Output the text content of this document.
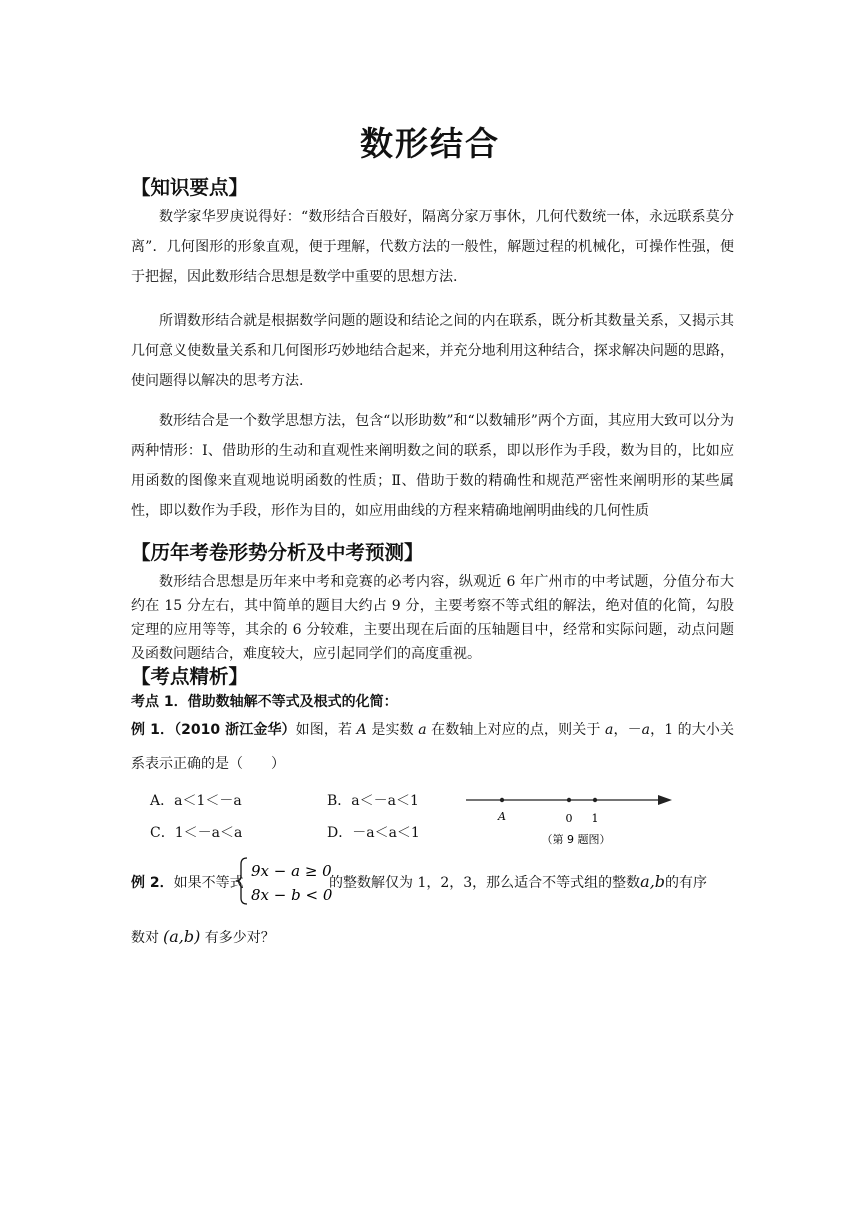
数形结合
【知识要点】
数学家华罗庚说得好：“数形结合百般好，隔离分家万事休，几何代数统一体，永远联系莫分离”．几何图形的形象直观，便于理解，代数方法的一般性，解题过程的机械化，可操作性强，便于把握，因此数形结合思想是数学中重要的思想方法.
所谓数形结合就是根据数学问题的题设和结论之间的内在联系，既分析其数量关系，又揭示其几何意义使数量关系和几何图形巧妙地结合起来，并充分地利用这种结合，探求解决问题的思路，使问题得以解决的思考方法.
数形结合是一个数学思想方法，包含“以形助数”和“以数辅形”两个方面，其应用大致可以分为两种情形：Ⅰ、借助形的生动和直观性来阐明数之间的联系，即以形作为手段，数为目的，比如应用函数的图像来直观地说明函数的性质；Ⅱ、借助于数的精确性和规范严密性来阐明形的某些属性，即以数作为手段，形作为目的，如应用曲线的方程来精确地阐明曲线的几何性质
【历年考卷形势分析及中考预测】
数形结合思想是历年来中考和竞赛的必考内容，纵观近 6 年广州市的中考试题，分值分布大约在 15 分左右，其中简单的题目大约占 9 分，主要考察不等式组的解法，绝对值的化简，勾股定理的应用等等，其余的 6 分较难，主要出现在后面的压轴题目中，经常和实际问题，动点问题及函数问题结合，难度较大，应引起同学们的高度重视。
【考点精析】
考点 1．借助数轴解不等式及根式的化简：
例 1．（2010 浙江金华）如图，若 A 是实数 a 在数轴上对应的点，则关于 a，－a，1 的大小关系表示正确的是（　　）
A．a＜1＜－a	B．a＜－a＜1
C．1＜－a＜a	D．－a＜a＜1
A	0 1
（第 9 题图）
例 2．如果不等式
9x − a ≥ 0
8x − b < 0
的整数解仅为 1，2，3，那么适合不等式组的整数a,b的有序
数对 (a,b) 有多少对？
